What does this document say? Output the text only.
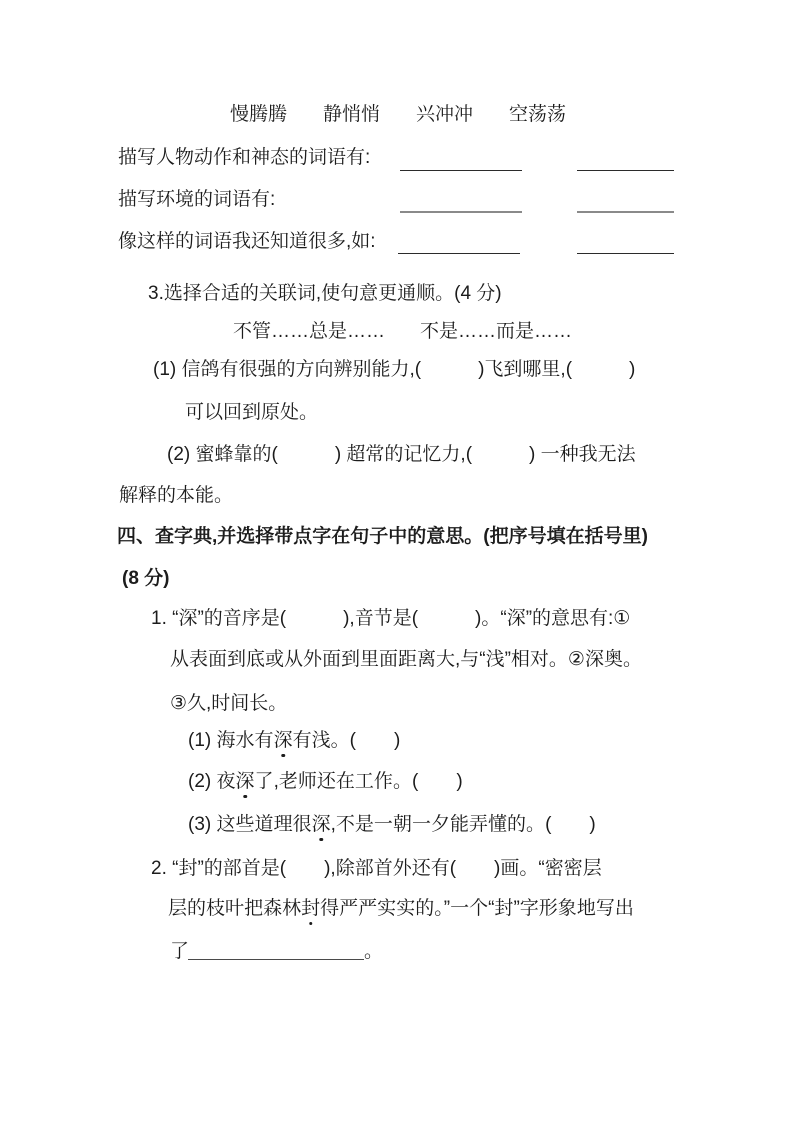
慢腾腾 静悄悄 兴冲冲 空荡荡
描写人物动作和神态的词语有:
描写环境的词语有:
像这样的词语我还知道很多,如:
3.选择合适的关联词,使句意更通顺。(4 分)
不管……总是…… 不是……而是……
(1) 信鸽有很强的方向辨别能力,(　　　)飞到哪里,(　　　)
可以回到原处。
(2) 蜜蜂靠的(　　　) 超常的记忆力,(　　　) 一种我无法
解释的本能。
四、查字典,并选择带点字在句子中的意思。(把序号填在括号里)
(8 分)
1. “深”的音序是(　　　),音节是(　　　)。“深”的意思有:①
从表面到底或从外面到里面距离大,与“浅”相对。②深奥。
③久,时间长。
(1) 海水有深有浅。(　　 )
(2) 夜深了,老师还在工作。(　　 )
(3) 这些道理很深,不是一朝一夕能弄懂的。(　　 )
2. “封”的部首是(　　),除部首外还有(　　)画。“密密层
层的枝叶把森林封得严严实实的。”一个“封”字形象地写出
了	。
